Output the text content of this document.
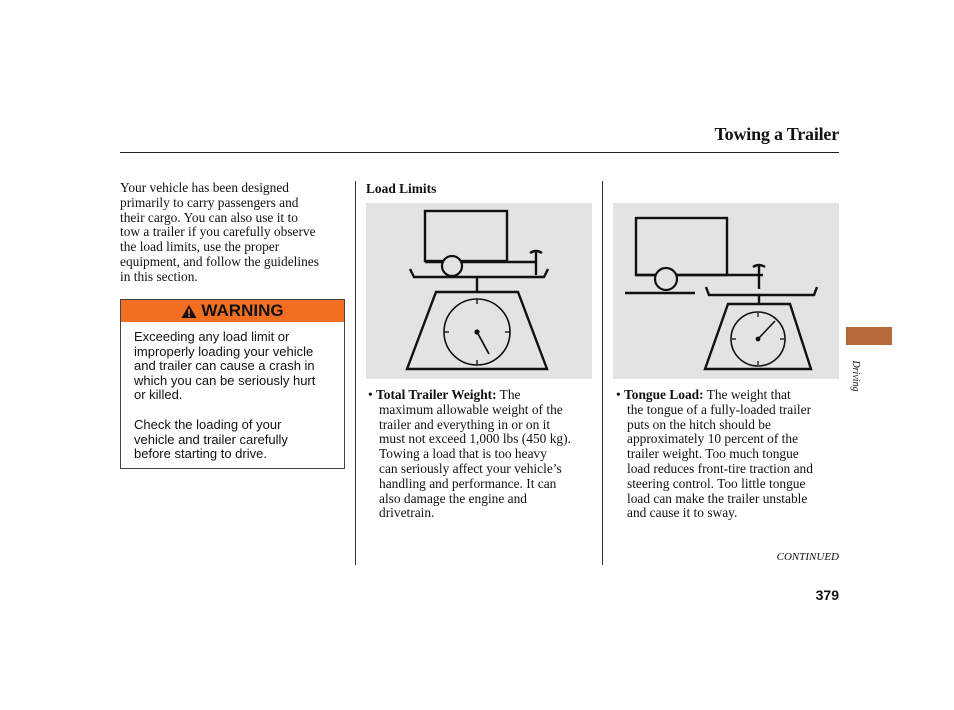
Towing a Trailer
Your vehicle has been designed
primarily to carry passengers and
their cargo. You can also use it to
tow a trailer if you carefully observe
the load limits, use the proper
equipment, and follow the guidelines
in this section.
WARNING

Exceeding any load limit or
improperly loading your vehicle
and trailer can cause a crash in
which you can be seriously hurt
or killed.

Check the loading of your
vehicle and trailer carefully
before starting to drive.

Load Limits
• Total Trailer Weight: The
maximum allowable weight of the
trailer and everything in or on it
must not exceed 1,000 lbs (450 kg).
Towing a load that is too heavy
can seriously affect your vehicle’s
handling and performance. It can
also damage the engine and
drivetrain.
• Tongue Load: The weight that
the tongue of a fully-loaded trailer
puts on the hitch should be
approximately 10 percent of the
trailer weight. Too much tongue
load reduces front-tire traction and
steering control. Too little tongue
load can make the trailer unstable
and cause it to sway.
CONTINUED
379
Driving
